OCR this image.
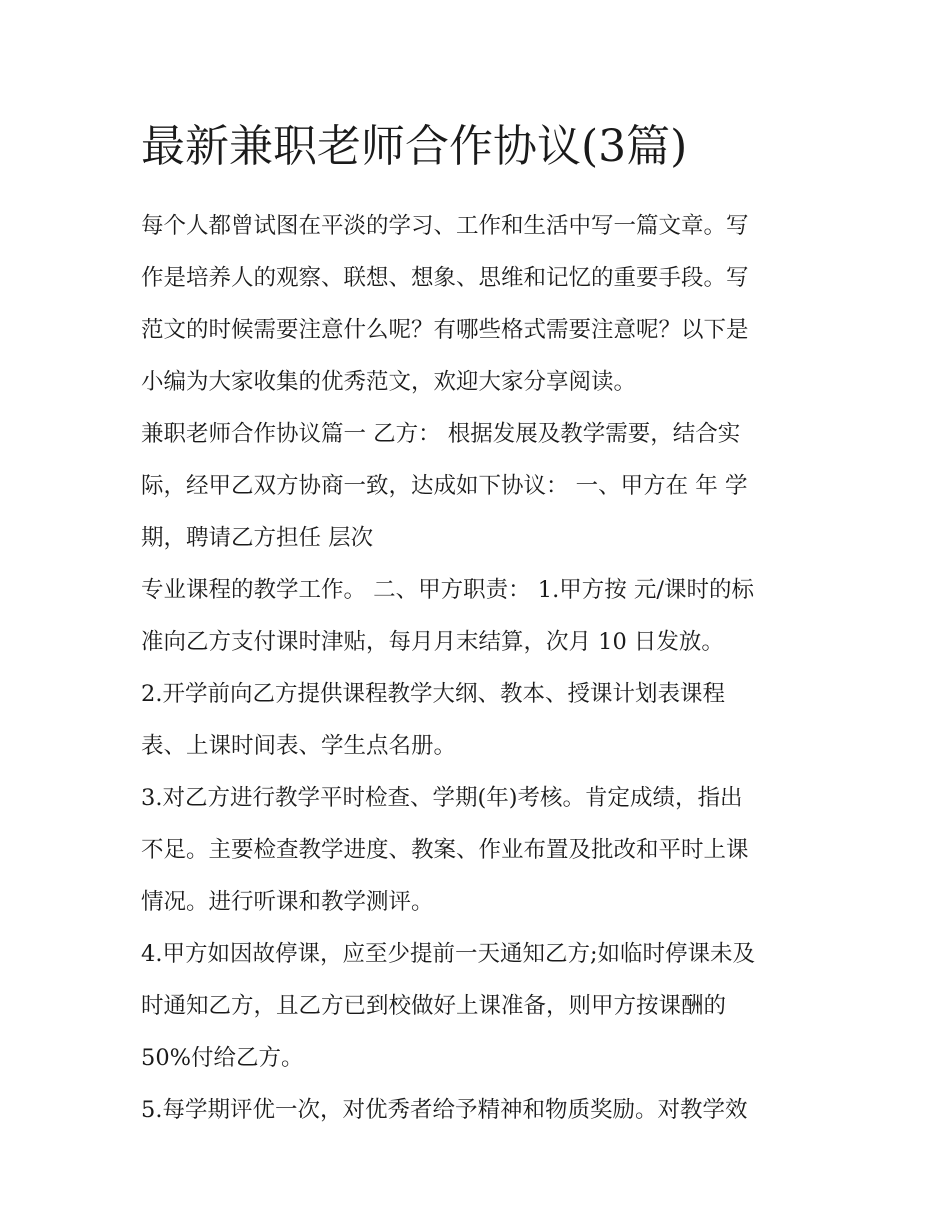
最新兼职老师合作协议(3篇)
每个人都曾试图在平淡的学习、工作和生活中写一篇文章。写
作是培养人的观察、联想、想象、思维和记忆的重要手段。写
范文的时候需要注意什么呢？有哪些格式需要注意呢？以下是
小编为大家收集的优秀范文，欢迎大家分享阅读。
兼职老师合作协议篇一 乙方： 根据发展及教学需要，结合实
际，经甲乙双方协商一致，达成如下协议： 一、甲方在 年 学
期，聘请乙方担任 层次
专业课程的教学工作。 二、甲方职责： 1.甲方按 元/课时的标
准向乙方支付课时津贴，每月月末结算，次月 10 日发放。
2.开学前向乙方提供课程教学大纲、教本、授课计划表课程
表、上课时间表、学生点名册。
3.对乙方进行教学平时检查、学期(年)考核。肯定成绩，指出
不足。主要检查教学进度、教案、作业布置及批改和平时上课
情况。进行听课和教学测评。
4.甲方如因故停课，应至少提前一天通知乙方;如临时停课未及
时通知乙方，且乙方已到校做好上课准备，则甲方按课酬的
50%付给乙方。
5.每学期评优一次，对优秀者给予精神和物质奖励。对教学效
